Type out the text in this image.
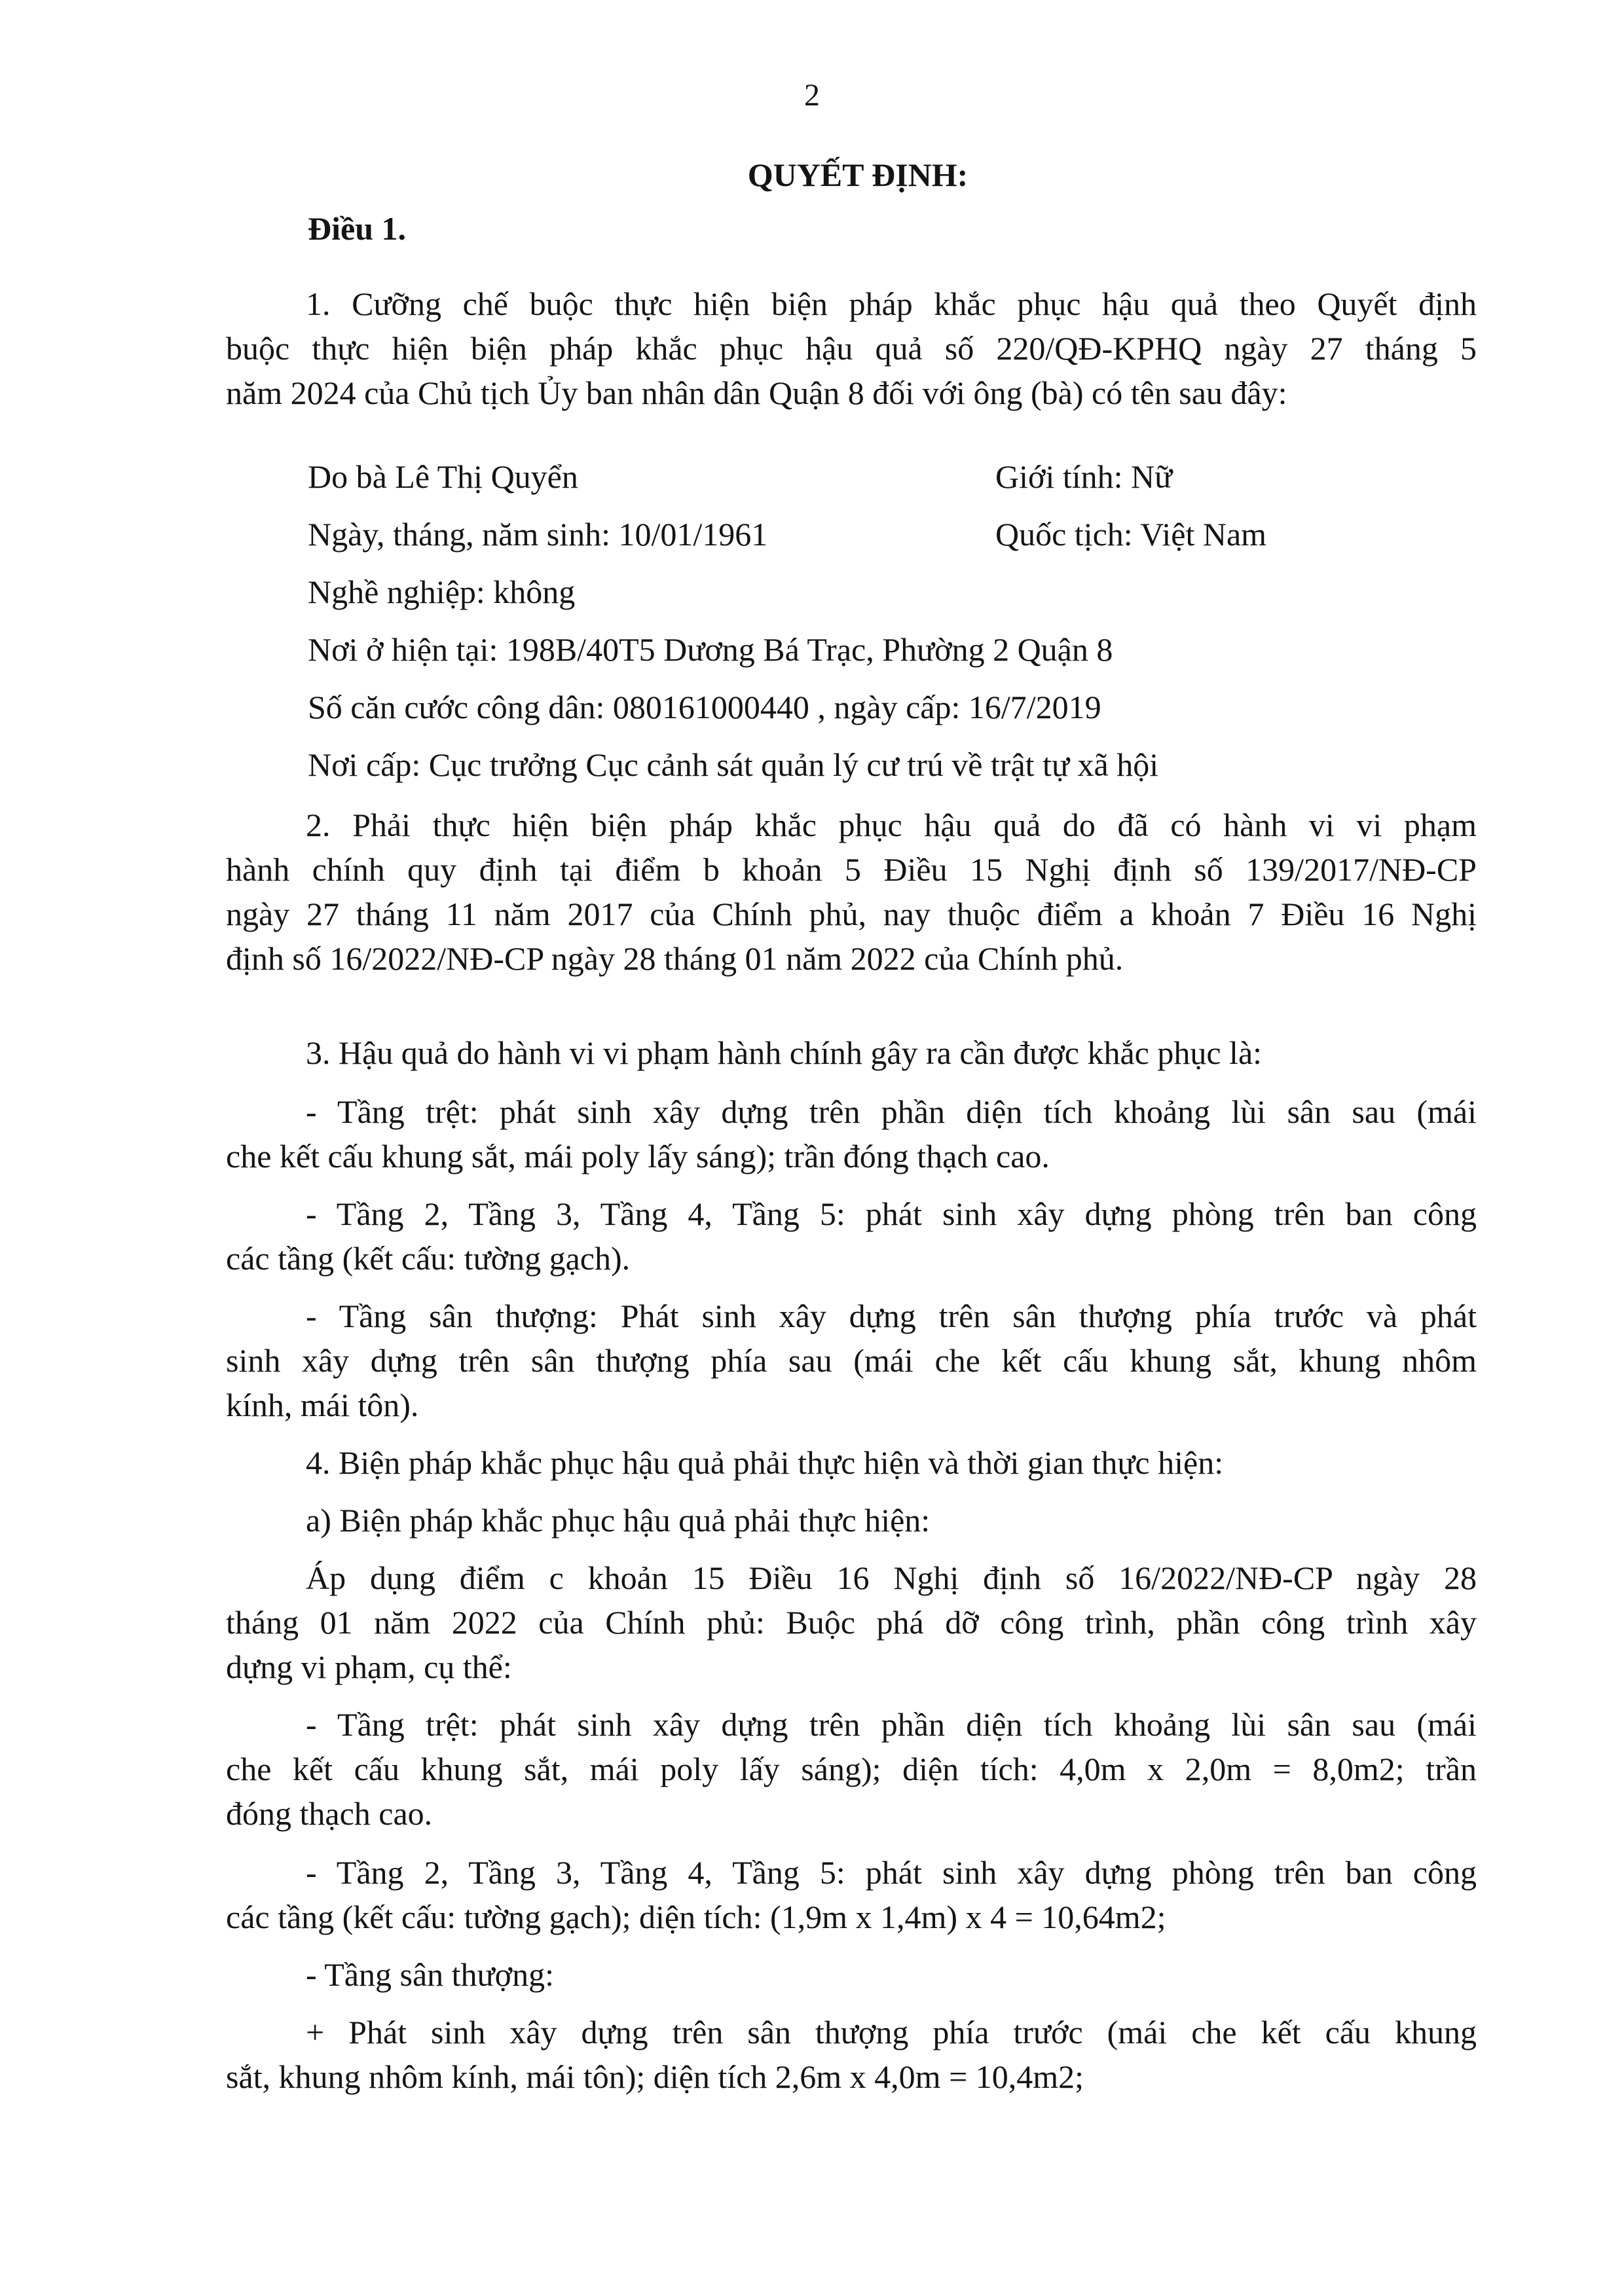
2
QUYẾT ĐỊNH:
Điều 1.
1. Cưỡng chế buộc thực hiện biện pháp khắc phục hậu quả theo Quyết định
buộc thực hiện biện pháp khắc phục hậu quả số 220/QĐ-KPHQ ngày 27 tháng 5
năm 2024 của Chủ tịch Ủy ban nhân dân Quận 8 đối với ông (bà) có tên sau đây:
Do bà Lê Thị Quyển	Giới tính: Nữ
Ngày, tháng, năm sinh: 10/01/1961	Quốc tịch: Việt Nam
Nghề nghiệp: không
Nơi ở hiện tại: 198B/40T5 Dương Bá Trạc, Phường 2 Quận 8
Số căn cước công dân: 080161000440 , ngày cấp: 16/7/2019
Nơi cấp: Cục trưởng Cục cảnh sát quản lý cư trú về trật tự xã hội
2. Phải thực hiện biện pháp khắc phục hậu quả do đã có hành vi vi phạm
hành chính quy định tại điểm b khoản 5 Điều 15 Nghị định số 139/2017/NĐ-CP
ngày 27 tháng 11 năm 2017 của Chính phủ, nay thuộc điểm a khoản 7 Điều 16 Nghị
định số 16/2022/NĐ-CP ngày 28 tháng 01 năm 2022 của Chính phủ.
3. Hậu quả do hành vi vi phạm hành chính gây ra cần được khắc phục là:
- Tầng trệt: phát sinh xây dựng trên phần diện tích khoảng lùi sân sau (mái
che kết cấu khung sắt, mái poly lấy sáng); trần đóng thạch cao.
- Tầng 2, Tầng 3, Tầng 4, Tầng 5: phát sinh xây dựng phòng trên ban công
các tầng (kết cấu: tường gạch).
- Tầng sân thượng: Phát sinh xây dựng trên sân thượng phía trước và phát
sinh xây dựng trên sân thượng phía sau (mái che kết cấu khung sắt, khung nhôm
kính, mái tôn).
4. Biện pháp khắc phục hậu quả phải thực hiện và thời gian thực hiện:
a) Biện pháp khắc phục hậu quả phải thực hiện:
Áp dụng điểm c khoản 15 Điều 16 Nghị định số 16/2022/NĐ-CP ngày 28
tháng 01 năm 2022 của Chính phủ: Buộc phá dỡ công trình, phần công trình xây
dựng vi phạm, cụ thể:
- Tầng trệt: phát sinh xây dựng trên phần diện tích khoảng lùi sân sau (mái
che kết cấu khung sắt, mái poly lấy sáng); diện tích: 4,0m x 2,0m = 8,0m2; trần
đóng thạch cao.
- Tầng 2, Tầng 3, Tầng 4, Tầng 5: phát sinh xây dựng phòng trên ban công
các tầng (kết cấu: tường gạch); diện tích: (1,9m x 1,4m) x 4 = 10,64m2;
- Tầng sân thượng:
+ Phát sinh xây dựng trên sân thượng phía trước (mái che kết cấu khung
sắt, khung nhôm kính, mái tôn); diện tích 2,6m x 4,0m = 10,4m2;
